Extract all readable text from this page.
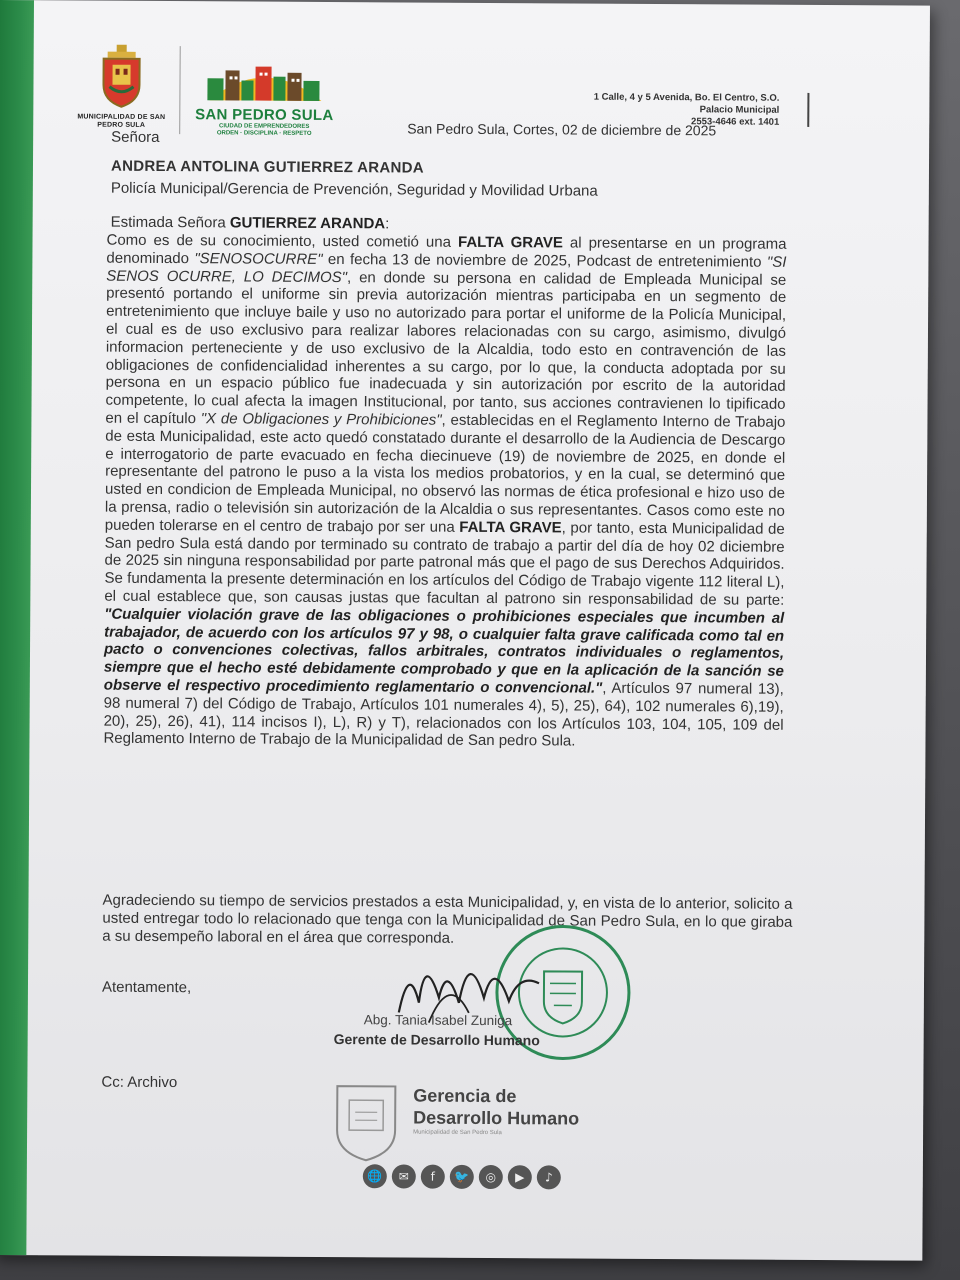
MUNICIPALIDAD DE SAN PEDRO SULA
SAN PEDRO SULA
CIUDAD DE EMPRENDEDORES
ORDEN · DISCIPLINA · RESPETO
1 Calle, 4 y 5 Avenida, Bo. El Centro, S.O.
Palacio Municipal
2553-4646 ext. 1401
San Pedro Sula, Cortes, 02 de diciembre de 2025

Señora

ANDREA ANTOLINA GUTIERREZ ARANDA

Policía Municipal/Gerencia de Prevención, Seguridad y Movilidad Urbana

Estimada Señora GUTIERREZ ARANDA:

Como es de su conocimiento, usted cometió una FALTA GRAVE al presentarse en un programa denominado "SENOSOCURRE" en fecha 13 de noviembre de 2025, Podcast de entretenimiento "SI SENOS OCURRE, LO DECIMOS", en donde su persona en calidad de Empleada Municipal se presentó portando el uniforme sin previa autorización mientras participaba en un segmento de entretenimiento que incluye baile y uso no autorizado para portar el uniforme de la Policía Municipal, el cual es de uso exclusivo para realizar labores relacionadas con su cargo, asimismo, divulgó informacion perteneciente y de uso exclusivo de la Alcaldia, todo esto en contravención de las obligaciones de confidencialidad inherentes a su cargo, por lo que, la conducta adoptada por su persona en un espacio público fue inadecuada y sin autorización por escrito de la autoridad competente, lo cual afecta la imagen Institucional, por tanto, sus acciones contravienen lo tipificado en el capítulo "X de Obligaciones y Prohibiciones", establecidas en el Reglamento Interno de Trabajo de esta Municipalidad, este acto quedó constatado durante el desarrollo de la Audiencia de Descargo e interrogatorio de parte evacuado en fecha diecinueve (19) de noviembre de 2025, en donde el representante del patrono le puso a la vista los medios probatorios, y en la cual, se determinó que usted en condicion de Empleada Municipal, no observó las normas de ética profesional e hizo uso de la prensa, radio o televisión sin autorización de la Alcaldia o sus representantes. Casos como este no pueden tolerarse en el centro de trabajo por ser una FALTA GRAVE, por tanto, esta Municipalidad de San pedro Sula está dando por terminado su contrato de trabajo a partir del día de hoy 02 diciembre de 2025 sin ninguna responsabilidad por parte patronal más que el pago de sus Derechos Adquiridos. Se fundamenta la presente determinación en los artículos del Código de Trabajo vigente 112 literal L), el cual establece que, son causas justas que facultan al patrono sin responsabilidad de su parte: "Cualquier violación grave de las obligaciones o prohibiciones especiales que incumben al trabajador, de acuerdo con los artículos 97 y 98, o cualquier falta grave calificada como tal en pacto o convenciones colectivas, fallos arbitrales, contratos individuales o reglamentos, siempre que el hecho esté debidamente comprobado y que en la aplicación de la sanción se observe el respectivo procedimiento reglamentario o convencional.", Artículos 97 numeral 13), 98 numeral 7) del Código de Trabajo, Artículos 101 numerales 4), 5), 25), 64), 102 numerales 6),19), 20), 25), 26), 41), 114 incisos I), L), R) y T), relacionados con los Artículos 103, 104, 105, 109 del Reglamento Interno de Trabajo de la Municipalidad de San pedro Sula.

Agradeciendo su tiempo de servicios prestados a esta Municipalidad, y, en vista de lo anterior, solicito a usted entregar todo lo relacionado que tenga con la Municipalidad de San Pedro Sula, en lo que giraba a su desempeño laboral en el área que corresponda.

Atentamente,

Abg. Tania Isabel Zuniga
Gerente de Desarrollo Humano

Cc: Archivo

Gerencia de
Desarrollo Humano
Municipalidad de San Pedro Sula
🌐	✉	f	🐦	◎	▶	♪
